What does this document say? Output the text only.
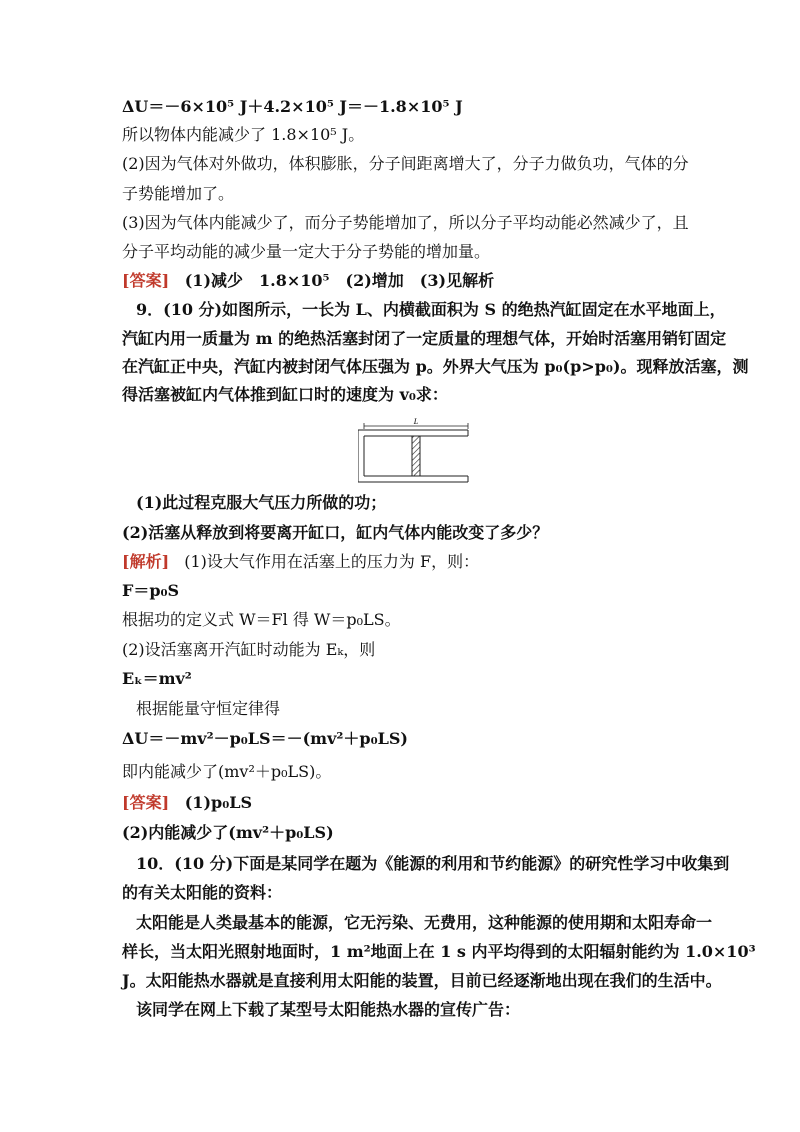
ΔU＝－6×10⁵ J＋4.2×10⁵ J＝－1.8×10⁵ J
所以物体内能减少了 1.8×10⁵ J。
(2)因为气体对外做功，体积膨胀，分子间距离增大了，分子力做负功，气体的分
子势能增加了。
(3)因为气体内能减少了，而分子势能增加了，所以分子平均动能必然减少了，且
分子平均动能的减少量一定大于分子势能的增加量。
[答案] (1)减少　1.8×10⁵　(2)增加　(3)见解析
9．(10 分)如图所示，一长为 L、内横截面积为 S 的绝热汽缸固定在水平地面上，
汽缸内用一质量为 m 的绝热活塞封闭了一定质量的理想气体，开始时活塞用销钉固定
在汽缸正中央，汽缸内被封闭气体压强为 p。外界大气压为 p₀(p>p₀)。现释放活塞，测
得活塞被缸内气体推到缸口时的速度为 v₀求：
L
(1)此过程克服大气压力所做的功；
(2)活塞从释放到将要离开缸口，缸内气体内能改变了多少？
[解析] (1)设大气作用在活塞上的压力为 F，则：
F＝p₀S
根据功的定义式 W＝Fl 得 W＝p₀LS。
(2)设活塞离开汽缸时动能为 Eₖ，则
Eₖ＝mv²
根据能量守恒定律得
ΔU＝－mv²－p₀LS＝－(mv²＋p₀LS)
即内能减少了(mv²＋p₀LS)。
[答案] (1)p₀LS
(2)内能减少了(mv²＋p₀LS)
10．(10 分)下面是某同学在题为《能源的利用和节约能源》的研究性学习中收集到
的有关太阳能的资料：
太阳能是人类最基本的能源，它无污染、无费用，这种能源的使用期和太阳寿命一
样长，当太阳光照射地面时，1 m²地面上在 1 s 内平均得到的太阳辐射能约为 1.0×10³
J。太阳能热水器就是直接利用太阳能的装置，目前已经逐渐地出现在我们的生活中。
该同学在网上下载了某型号太阳能热水器的宣传广告：
